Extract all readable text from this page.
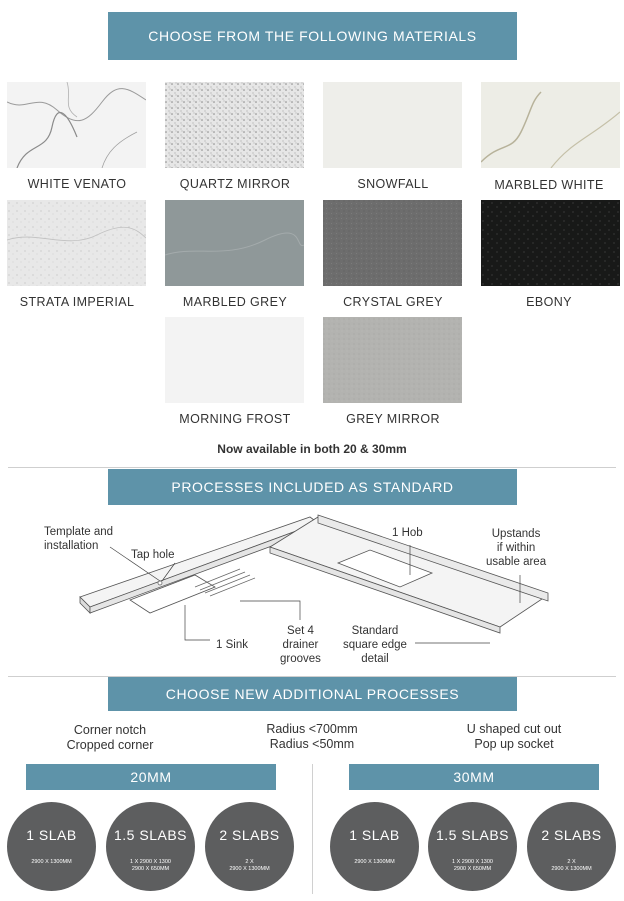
CHOOSE FROM THE FOLLOWING MATERIALS
WHITE VENATO	QUARTZ MIRROR	SNOWFALL	MARBLED WHITE
STRATA IMPERIAL	MARBLED GREY	CRYSTAL GREY	EBONY
MORNING FROST	GREY MIRROR
Now available in both 20 & 30mm
PROCESSES INCLUDED AS STANDARD
Template and
installation
Tap hole
1 Hob	Upstands
if within
usable area
1 Sink
Set 4
drainer
grooves
Standard
square edge
detail
CHOOSE NEW ADDITIONAL PROCESSES
Corner notch
Cropped corner
Radius <700mm
Radius <50mm
U shaped cut out
Pop up socket
20MM	30MM
1 SLAB
2900 X 1300MM
1.5 SLABS
1 X 2900 X 1300
2900 X 650MM
2 SLABS
2 X
2900 X 1300MM
1 SLAB
2900 X 1300MM
1.5 SLABS
1 X 2900 X 1300
2900 X 650MM
2 SLABS
2 X
2900 X 1300MM
